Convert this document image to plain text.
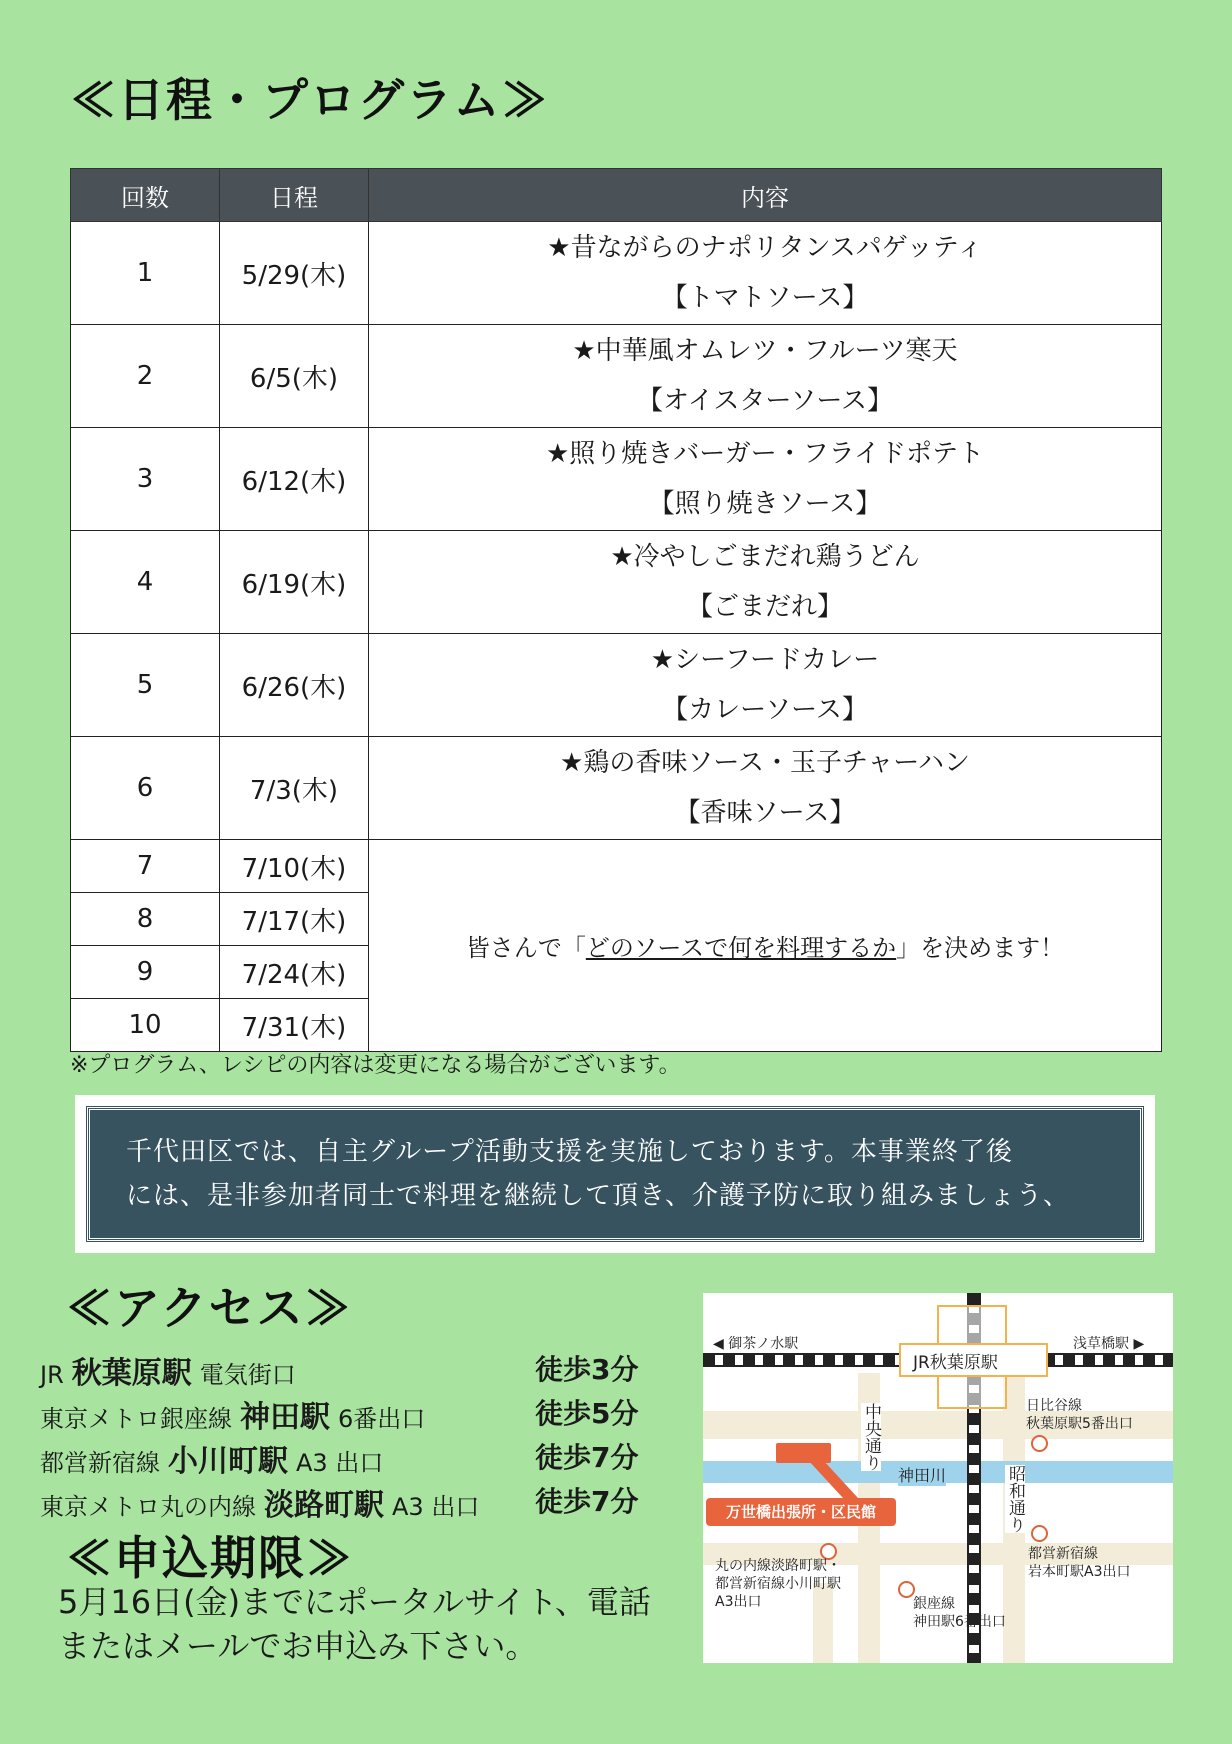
≪日程・プログラム≫
回数	日程	内容
1	5/29(木)	★昔ながらのナポリタンスパゲッティ
【トマトソース】

2	6/5(木)	★中華風オムレツ・フルーツ寒天
【オイスターソース】

3	6/12(木)	★照り焼きバーガー・フライドポテト
【照り焼きソース】

4	6/19(木)	★冷やしごまだれ鶏うどん
【ごまだれ】

5	6/26(木)	★シーフードカレー
【カレーソース】

6	7/3(木)	★鶏の香味ソース・玉子チャーハン
【香味ソース】

7	7/10(木)	皆さんで「どのソースで何を料理するか」を決めます！
8	7/17(木)	
9	7/24(木)	
10	7/31(木)	
※プログラム、レシピの内容は変更になる場合がございます。
千代田区では、自主グループ活動支援を実施しております。本事業終了後
には、是非参加者同士で料理を継続して頂き、介護予防に取り組みましょう、
≪アクセス≫
JR 秋葉原駅 電気街口	徒歩3分
東京メトロ銀座線 神田駅 6番出口	徒歩5分
都営新宿線 小川町駅 A3 出口	徒歩7分
東京メトロ丸の内線 淡路町駅 A3 出口 徒歩7分
≪申込期限≫
5月16日(金)までにポータルサイト、電話
またはメールでお申込み下さい。
JR秋葉原駅
◀ 御茶ノ水駅	浅草橋駅 ▶
中央通り
昭和通り
神田川
万世橋出張所・区民館
日比谷線
秋葉原駅5番出口
都営新宿線
岩本町駅A3出口
銀座線
神田駅6番出口
丸の内線淡路町駅・
都営新宿線小川町駅
A3出口
